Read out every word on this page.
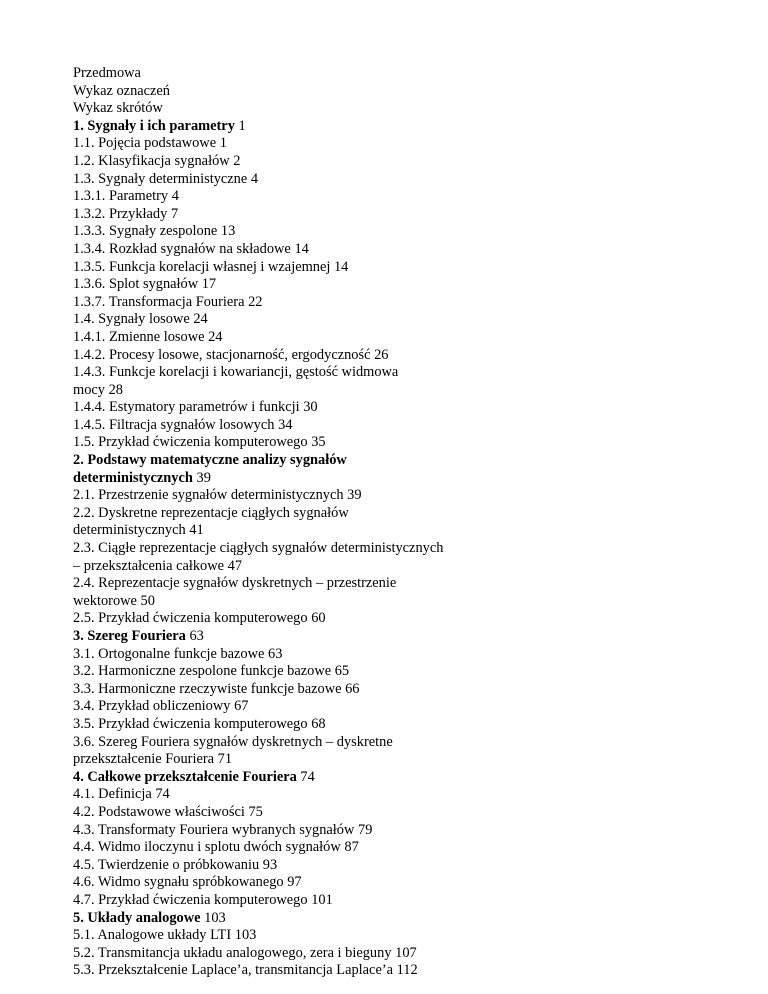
Przedmowa
Wykaz oznaczeń
Wykaz skrótów
1. Sygnały i ich parametry 1
1.1. Pojęcia podstawowe 1
1.2. Klasyfikacja sygnałów 2
1.3. Sygnały deterministyczne 4
1.3.1. Parametry 4
1.3.2. Przykłady 7
1.3.3. Sygnały zespolone 13
1.3.4. Rozkład sygnałów na składowe 14
1.3.5. Funkcja korelacji własnej i wzajemnej 14
1.3.6. Splot sygnałów 17
1.3.7. Transformacja Fouriera 22
1.4. Sygnały losowe 24
1.4.1. Zmienne losowe 24
1.4.2. Procesy losowe, stacjonarność, ergodyczność 26
1.4.3. Funkcje korelacji i kowariancji, gęstość widmowa
mocy 28
1.4.4. Estymatory parametrów i funkcji 30
1.4.5. Filtracja sygnałów losowych 34
1.5. Przykład ćwiczenia komputerowego 35
2. Podstawy matematyczne analizy sygnałów
deterministycznych 39
2.1. Przestrzenie sygnałów deterministycznych 39
2.2. Dyskretne reprezentacje ciągłych sygnałów
deterministycznych 41
2.3. Ciągłe reprezentacje ciągłych sygnałów deterministycznych
– przekształcenia całkowe 47
2.4. Reprezentacje sygnałów dyskretnych – przestrzenie
wektorowe 50
2.5. Przykład ćwiczenia komputerowego 60
3. Szereg Fouriera 63
3.1. Ortogonalne funkcje bazowe 63
3.2. Harmoniczne zespolone funkcje bazowe 65
3.3. Harmoniczne rzeczywiste funkcje bazowe 66
3.4. Przykład obliczeniowy 67
3.5. Przykład ćwiczenia komputerowego 68
3.6. Szereg Fouriera sygnałów dyskretnych – dyskretne
przekształcenie Fouriera 71
4. Całkowe przekształcenie Fouriera 74
4.1. Definicja 74
4.2. Podstawowe właściwości 75
4.3. Transformaty Fouriera wybranych sygnałów 79
4.4. Widmo iloczynu i splotu dwóch sygnałów 87
4.5. Twierdzenie o próbkowaniu 93
4.6. Widmo sygnału spróbkowanego 97
4.7. Przykład ćwiczenia komputerowego 101
5. Układy analogowe 103
5.1. Analogowe układy LTI 103
5.2. Transmitancja układu analogowego, zera i bieguny 107
5.3. Przekształcenie Laplace’a, transmitancja Laplace’a 112
